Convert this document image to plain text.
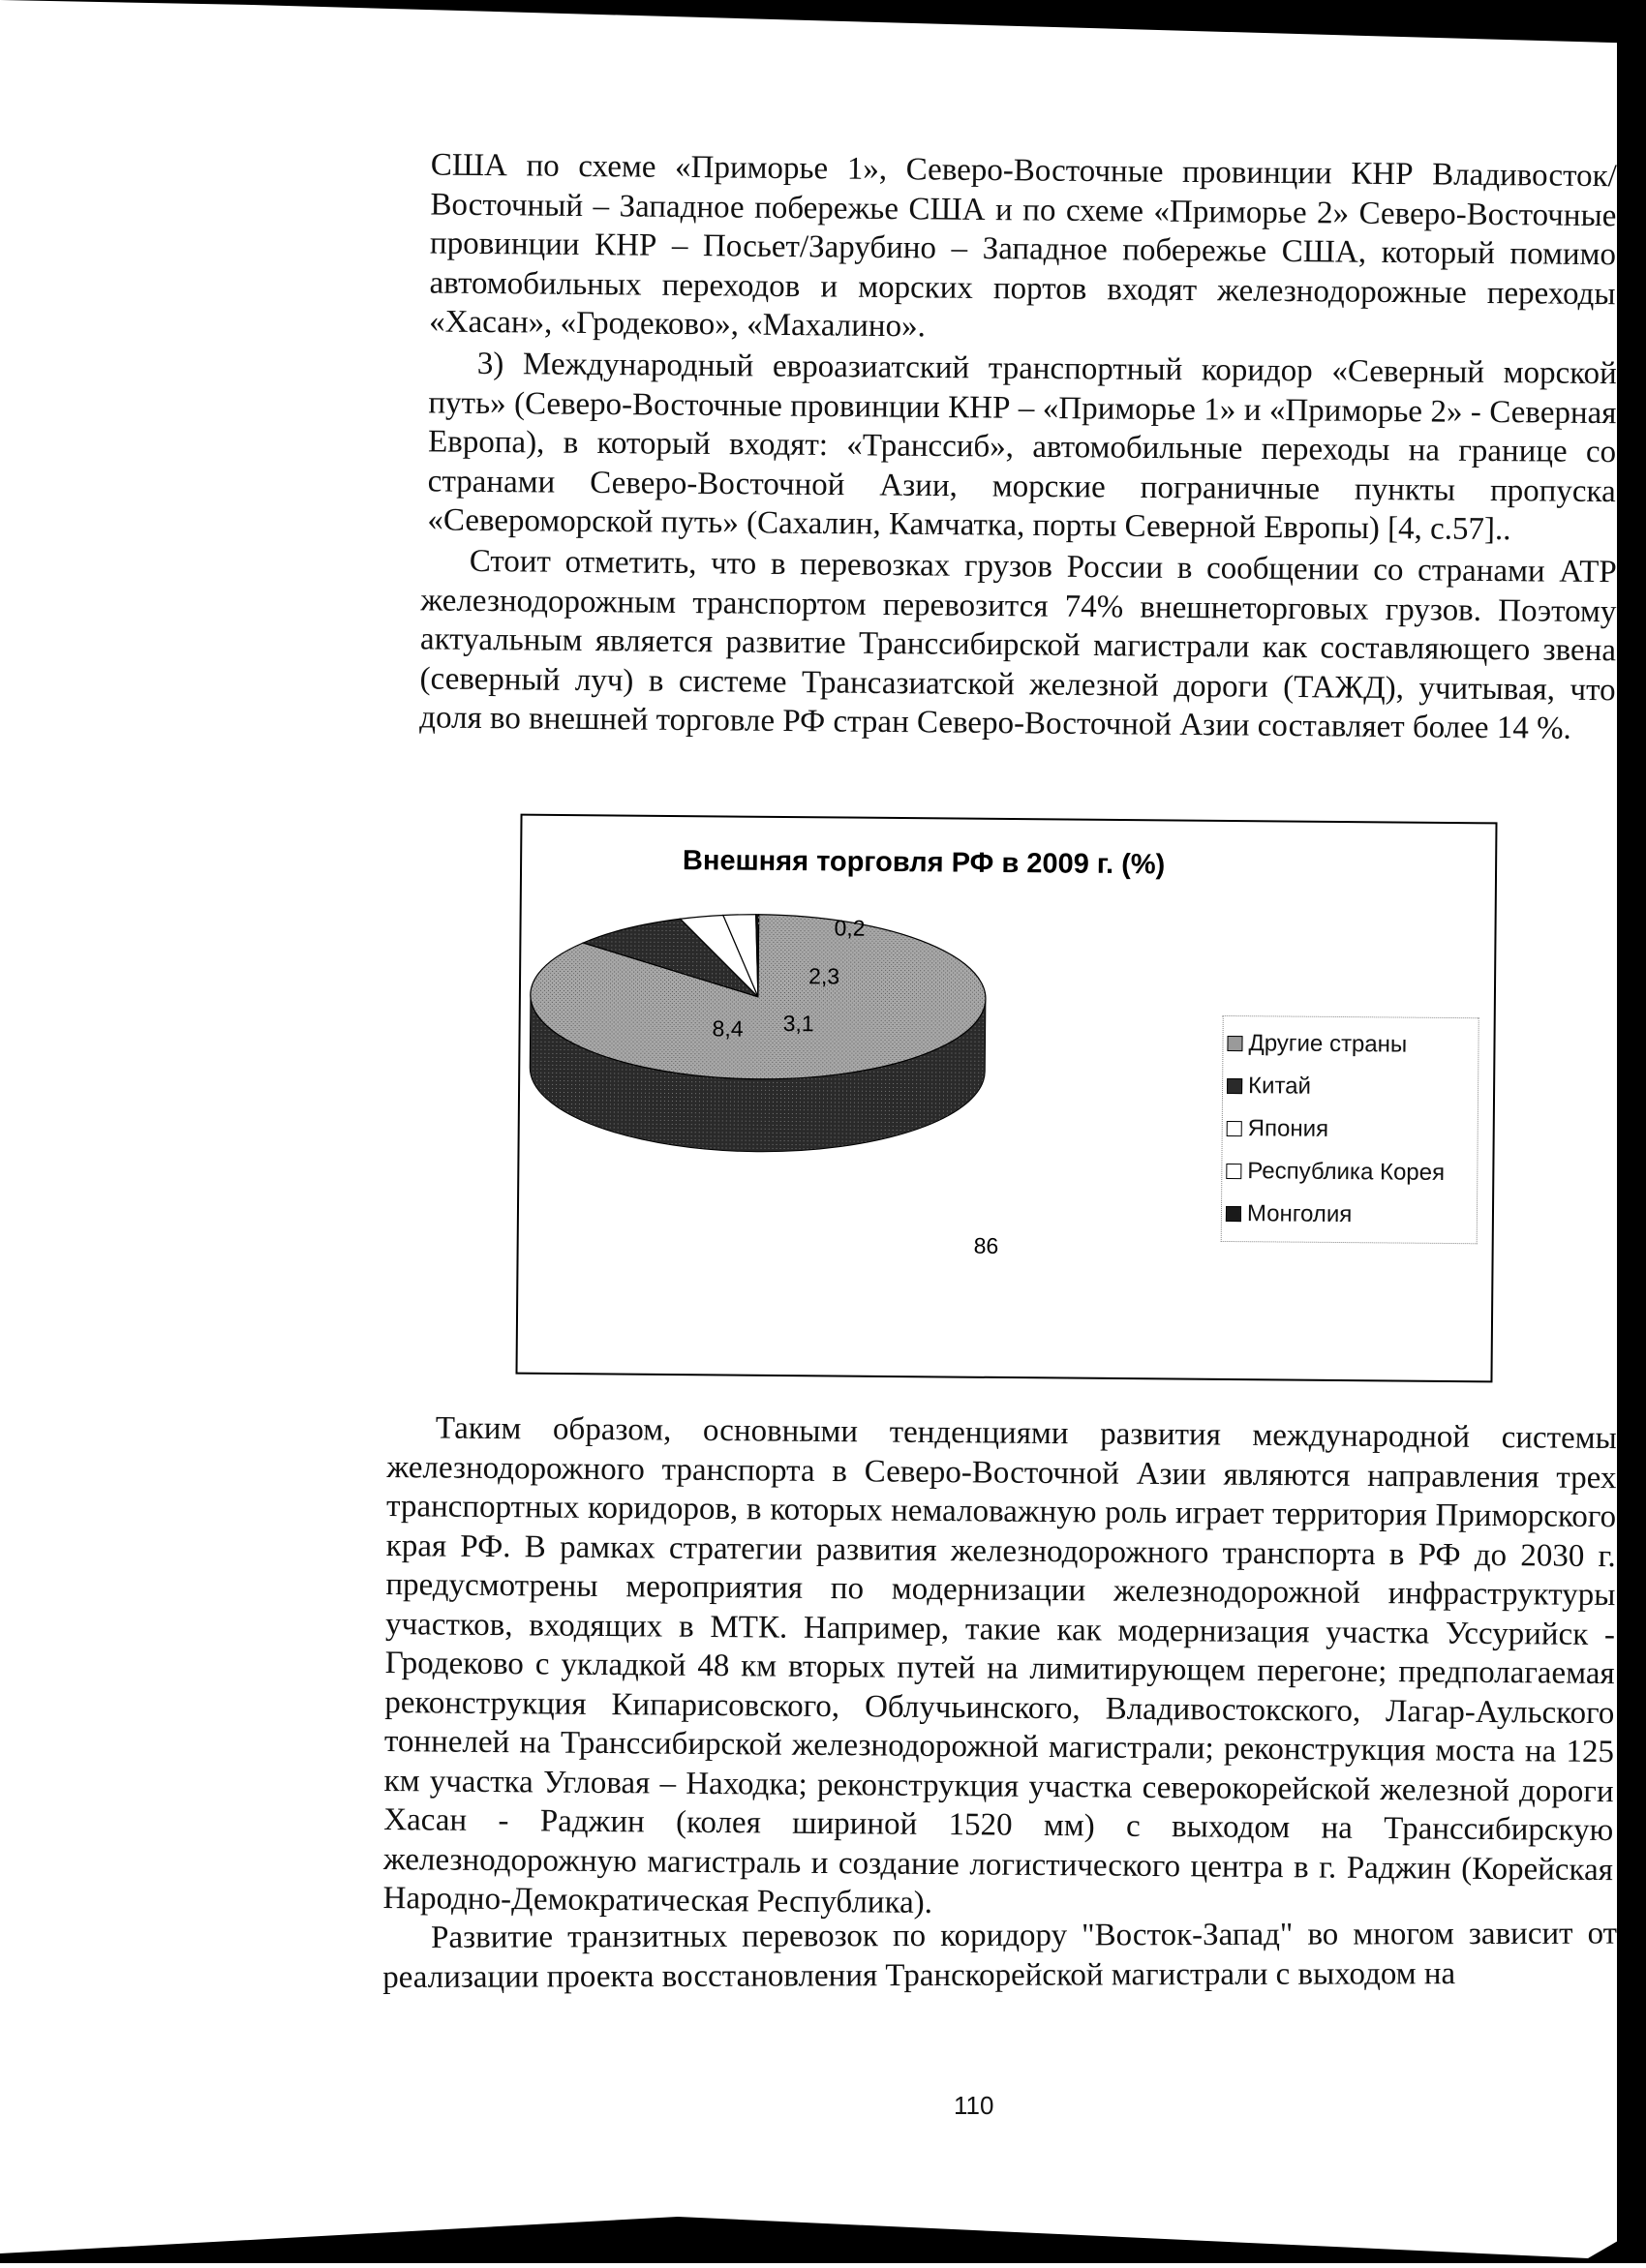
США по схеме «Приморье 1», Северо-Восточные провинции КНР Владивосток/Восточный – Западное побережье США и по схеме «Приморье 2» Северо-Восточные провинции КНР – Посьет/Зарубино – Западное побережье США, который помимо автомобильных переходов и морских портов входят железнодорожные переходы «Хасан», «Гродеково», «Махалино».

3) Международный евроазиатский транспортный коридор «Северный морской путь» (Северо-Восточные провинции КНР – «Приморье 1» и «Приморье 2» - Северная Европа), в который входят: «Транссиб», автомобильные переходы на границе со странами Северо-Восточной Азии, морские пограничные пункты пропуска «Североморской путь» (Сахалин, Камчатка, порты Северной Европы) [4, с.57]..

Стоит отметить, что в перевозках грузов России в сообщении со странами АТР железнодорожным транспортом перевозится 74% внешнеторговых грузов. Поэтому актуальным является развитие Транссибирской магистрали как составляющего звена (северный луч) в системе Трансазиатской железной дороги (ТАЖД), учитывая, что доля во внешней торговле РФ стран Северо-Восточной Азии составляет более 14 %.

Внешняя торговля РФ в 2009 г. (%)
0,2
2,3
3,1
8,4
86
Другие страны
Китай
Япония
Республика Корея
Монголия

Таким образом, основными тенденциями развития международной системы железнодорожного транспорта в Северо-Восточной Азии являются направления трех транспортных коридоров, в которых немаловажную роль играет территория Приморского края РФ. В рамках стратегии развития железнодорожного транспорта в РФ до 2030 г. предусмотрены мероприятия по модернизации железнодорожной инфраструктуры участков, входящих в МТК. Например, такие как модернизация участка Уссурийск - Гродеково с укладкой 48 км вторых путей на лимитирующем перегоне; предполагаемая реконструкция Кипарисовского, Облучьинского, Владивостокского, Лагар-Аульского тоннелей на Транссибирской железнодорожной магистрали; реконструкция моста на 125 км участка Угловая – Находка; реконструкция участка северокорейской железной дороги Хасан - Раджин (колея шириной 1520 мм) с выходом на Транссибирскую железнодорожную магистраль и создание логистического центра в г. Раджин (Корейская Народно-Демократическая Республика).

Развитие транзитных перевозок по коридору "Восток-Запад" во многом зависит от реализации проекта восстановления Транскорейской магистрали с выходом на

110
